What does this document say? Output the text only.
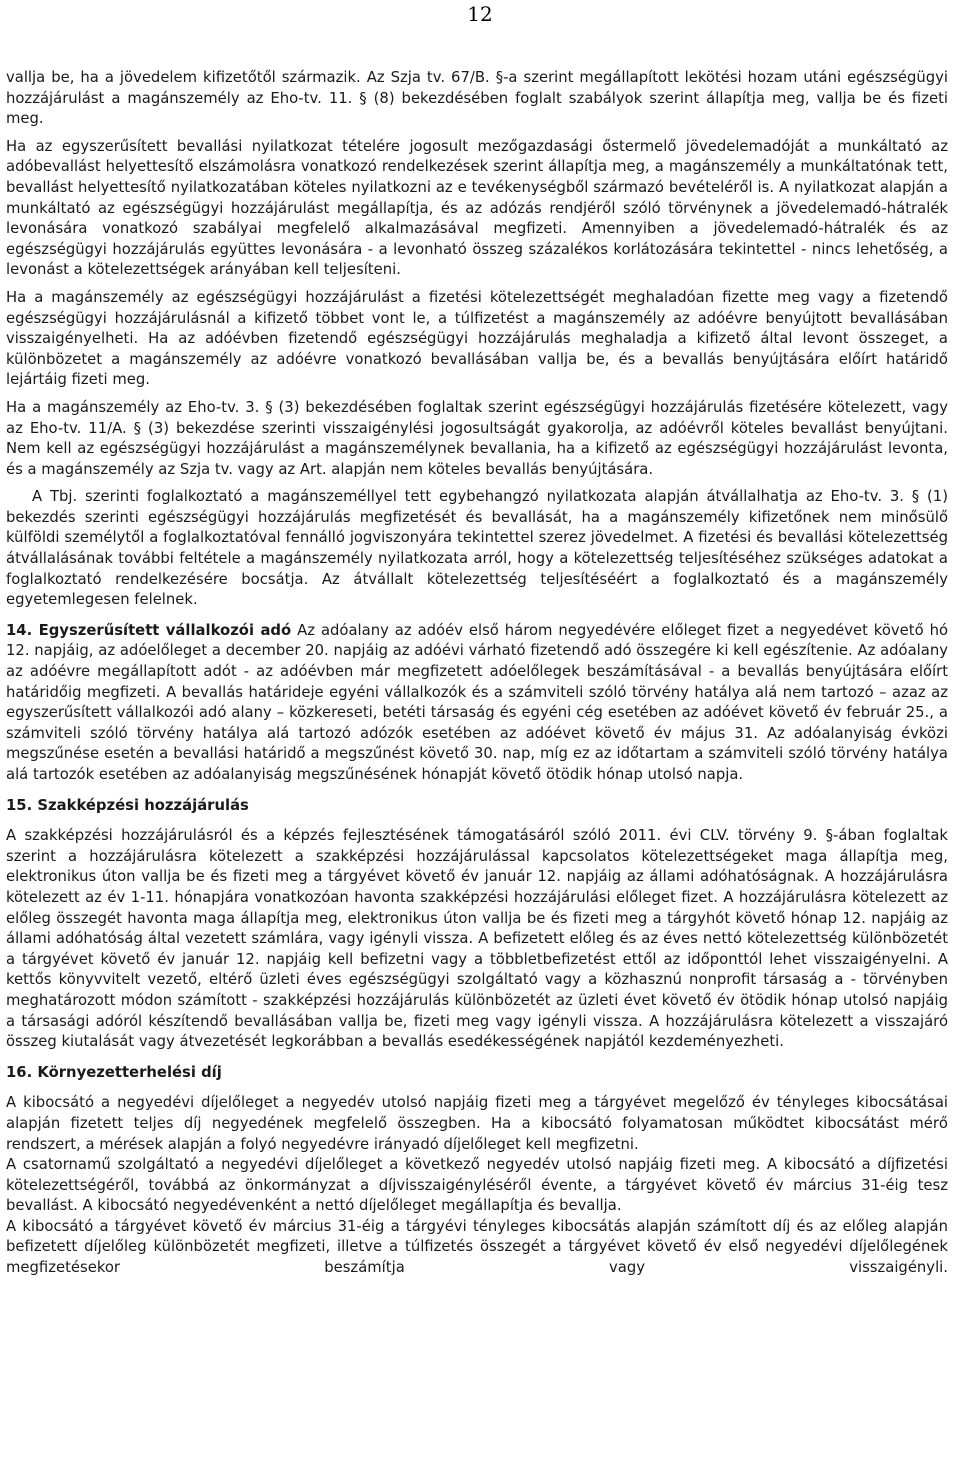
12

vallja be, ha a jövedelem kifizetőtől származik. Az Szja tv. 67/B. §-a szerint megállapított lekötési hozam utáni egészségügyi hozzájárulást a magánszemély az Eho-tv. 11. § (8) bekezdésében foglalt szabályok szerint állapítja meg, vallja be és fizeti meg.

Ha az egyszerűsített bevallási nyilatkozat tételére jogosult mezőgazdasági őstermelő jövedelemadóját a munkáltató az adóbevallást helyettesítő elszámolásra vonatkozó rendelkezések szerint állapítja meg, a magánszemély a munkáltatónak tett, bevallást helyettesítő nyilatkozatában köteles nyilatkozni az e tevékenységből származó bevételéről is. A nyilatkozat alapján a munkáltató az egészségügyi hozzájárulást megállapítja, és az adózás rendjéről szóló törvénynek a jövedelemadó-hátralék levonására vonatkozó szabályai megfelelő alkalmazásával megfizeti. Amennyiben a jövedelemadó-hátralék és az egészségügyi hozzájárulás együttes levonására - a levonható összeg százalékos korlátozására tekintettel - nincs lehetőség, a levonást a kötelezettségek arányában kell teljesíteni.

Ha a magánszemély az egészségügyi hozzájárulást a fizetési kötelezettségét meghaladóan fizette meg vagy a fizetendő egészségügyi hozzájárulásnál a kifizető többet vont le, a túlfizetést a magánszemély az adóévre benyújtott bevallásában visszaigényelheti. Ha az adóévben fizetendő egészségügyi hozzájárulás meghaladja a kifizető által levont összeget, a különbözetet a magánszemély az adóévre vonatkozó bevallásában vallja be, és a bevallás benyújtására előírt határidő lejártáig fizeti meg.

Ha a magánszemély az Eho-tv. 3. § (3) bekezdésében foglaltak szerint egészségügyi hozzájárulás fizetésére kötelezett, vagy az Eho-tv. 11/A. § (3) bekezdése szerinti visszaigénylési jogosultságát gyakorolja, az adóévről köteles bevallást benyújtani. Nem kell az egészségügyi hozzájárulást a magánszemélynek bevallania, ha a kifizető az egészségügyi hozzájárulást levonta, és a magánszemély az Szja tv. vagy az Art. alapján nem köteles bevallás benyújtására.

A Tbj. szerinti foglalkoztató a magánszeméllyel tett egybehangzó nyilatkozata alapján átvállalhatja az Eho-tv. 3. § (1) bekezdés szerinti egészségügyi hozzájárulás megfizetését és bevallását, ha a magánszemély kifizetőnek nem minősülő külföldi személytől a foglalkoztatóval fennálló jogviszonyára tekintettel szerez jövedelmet. A fizetési és bevallási kötelezettség átvállalásának további feltétele a magánszemély nyilatkozata arról, hogy a kötelezettség teljesítéséhez szükséges adatokat a foglalkoztató rendelkezésére bocsátja. Az átvállalt kötelezettség teljesítéséért a foglalkoztató és a magánszemély egyetemlegesen felelnek.

14. Egyszerűsített vállalkozói adó Az adóalany az adóév első három negyedévére előleget fizet a negyedévet követő hó 12. napjáig, az adóelőleget a december 20. napjáig az adóévi várható fizetendő adó összegére ki kell egészítenie. Az adóalany az adóévre megállapított adót - az adóévben már megfizetett adóelőlegek beszámításával - a bevallás benyújtására előírt határidőig megfizeti. A bevallás határideje egyéni vállalkozók és a számviteli szóló törvény hatálya alá nem tartozó – azaz az egyszerűsített vállalkozói adó alany – közkereseti, betéti társaság és egyéni cég esetében az adóévet követő év február 25., a számviteli szóló törvény hatálya alá tartozó adózók esetében az adóévet követő év május 31. Az adóalanyiság évközi megszűnése esetén a bevallási határidő a megszűnést követő 30. nap, míg ez az időtartam a számviteli szóló törvény hatálya alá tartozók esetében az adóalanyiság megszűnésének hónapját követő ötödik hónap utolsó napja.

15. Szakképzési hozzájárulás

A szakképzési hozzájárulásról és a képzés fejlesztésének támogatásáról szóló 2011. évi CLV. törvény 9. §-ában foglaltak szerint a hozzájárulásra kötelezett a szakképzési hozzájárulással kapcsolatos kötelezettségeket maga állapítja meg, elektronikus úton vallja be és fizeti meg a tárgyévet követő év január 12. napjáig az állami adóhatóságnak. A hozzájárulásra kötelezett az év 1-11. hónapjára vonatkozóan havonta szakképzési hozzájárulási előleget fizet. A hozzájárulásra kötelezett az előleg összegét havonta maga állapítja meg, elektronikus úton vallja be és fizeti meg a tárgyhót követő hónap 12. napjáig az állami adóhatóság által vezetett számlára, vagy igényli vissza. A befizetett előleg és az éves nettó kötelezettség különbözetét a tárgyévet követő év január 12. napjáig kell befizetni vagy a többletbefizetést ettől az időponttól lehet visszaigényelni. A kettős könyvvitelt vezető, eltérő üzleti éves egészségügyi szolgáltató vagy a közhasznú nonprofit társaság a - törvényben meghatározott módon számított - szakképzési hozzájárulás különbözetét az üzleti évet követő év ötödik hónap utolsó napjáig a társasági adóról készítendő bevallásában vallja be, fizeti meg vagy igényli vissza. A hozzájárulásra kötelezett a visszajáró összeg kiutalását vagy átvezetését legkorábban a bevallás esedékességének napjától kezdeményezheti.

16. Környezetterhelési díj

A kibocsátó a negyedévi díjelőleget a negyedév utolsó napjáig fizeti meg a tárgyévet megelőző év tényleges kibocsátásai alapján fizetett teljes díj negyedének megfelelő összegben. Ha a kibocsátó folyamatosan működtet kibocsátást mérő rendszert, a mérések alapján a folyó negyedévre irányadó díjelőleget kell megfizetni.

A csatornamű szolgáltató a negyedévi díjelőleget a következő negyedév utolsó napjáig fizeti meg. A kibocsátó a díjfizetési kötelezettségéről, továbbá az önkormányzat a díjvisszaigényléséről évente, a tárgyévet követő év március 31-éig tesz bevallást. A kibocsátó negyedévenként a nettó díjelőleget megállapítja és bevallja.

A kibocsátó a tárgyévet követő év március 31-éig a tárgyévi tényleges kibocsátás alapján számított díj és az előleg alapján befizetett díjelőleg különbözetét megfizeti, illetve a túlfizetés összegét a tárgyévet követő év első negyedévi díjelőlegének megfizetésekor beszámítja vagy visszaigényli.
